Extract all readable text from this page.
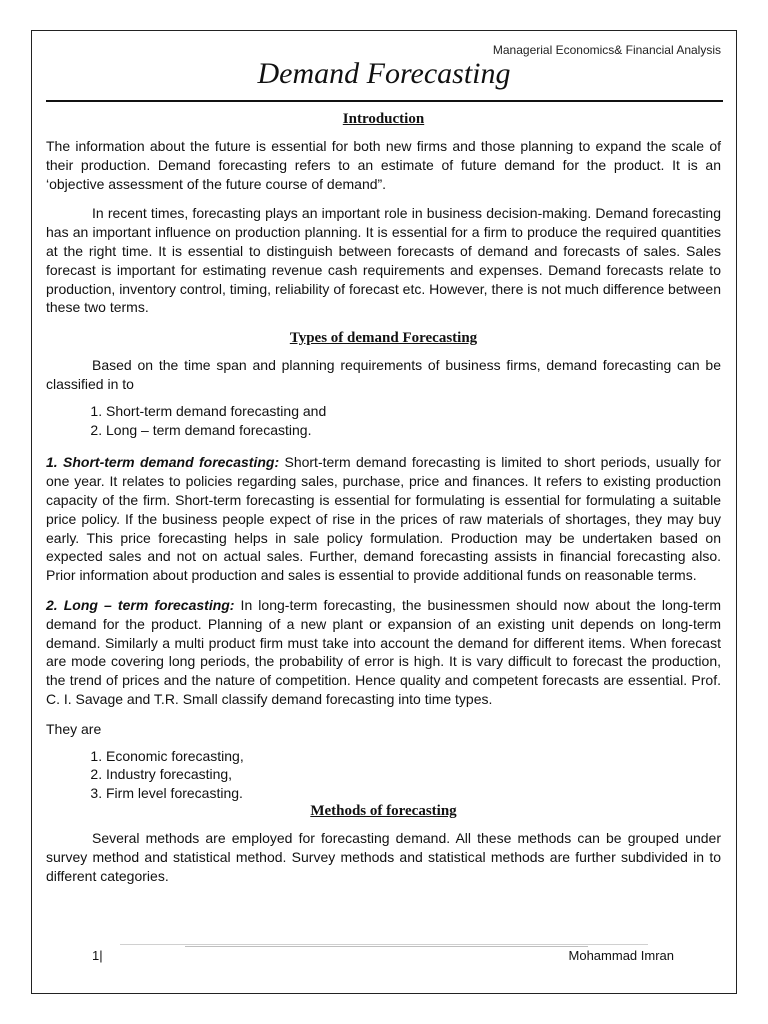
Managerial Economics& Financial Analysis
Demand Forecasting
Introduction

The information about the future is essential for both new firms and those planning to expand the scale of their production. Demand forecasting refers to an estimate of future demand for the product. It is an ‘objective assessment of the future course of demand”.

In recent times, forecasting plays an important role in business decision-making. Demand forecasting has an important influence on production planning. It is essential for a firm to produce the required quantities at the right time. It is essential to distinguish between forecasts of demand and forecasts of sales. Sales forecast is important for estimating revenue cash requirements and expenses. Demand forecasts relate to production, inventory control, timing, reliability of forecast etc. However, there is not much difference between these two terms.

Types of demand Forecasting

Based on the time span and planning requirements of business firms, demand forecasting can be classified in to

1. Short-term demand forecasting and
2. Long – term demand forecasting.

1. Short-term demand forecasting: Short-term demand forecasting is limited to short periods, usually for one year. It relates to policies regarding sales, purchase, price and finances. It refers to existing production capacity of the firm. Short-term forecasting is essential for formulating is essential for formulating a suitable price policy. If the business people expect of rise in the prices of raw materials of shortages, they may buy early. This price forecasting helps in sale policy formulation. Production may be undertaken based on expected sales and not on actual sales. Further, demand forecasting assists in financial forecasting also. Prior information about production and sales is essential to provide additional funds on reasonable terms.

2. Long – term forecasting: In long-term forecasting, the businessmen should now about the long-term demand for the product. Planning of a new plant or expansion of an existing unit depends on long-term demand. Similarly a multi product firm must take into account the demand for different items. When forecast are mode covering long periods, the probability of error is high. It is vary difficult to forecast the production, the trend of prices and the nature of competition. Hence quality and competent forecasts are essential. Prof. C. I. Savage and T.R. Small classify demand forecasting into time types.

They are

1. Economic forecasting,
2. Industry forecasting,
3. Firm level forecasting.
Methods of forecasting

Several methods are employed for forecasting demand. All these methods can be grouped under survey method and statistical method. Survey methods and statistical methods are further subdivided in to different categories.

1|	Mohammad Imran
